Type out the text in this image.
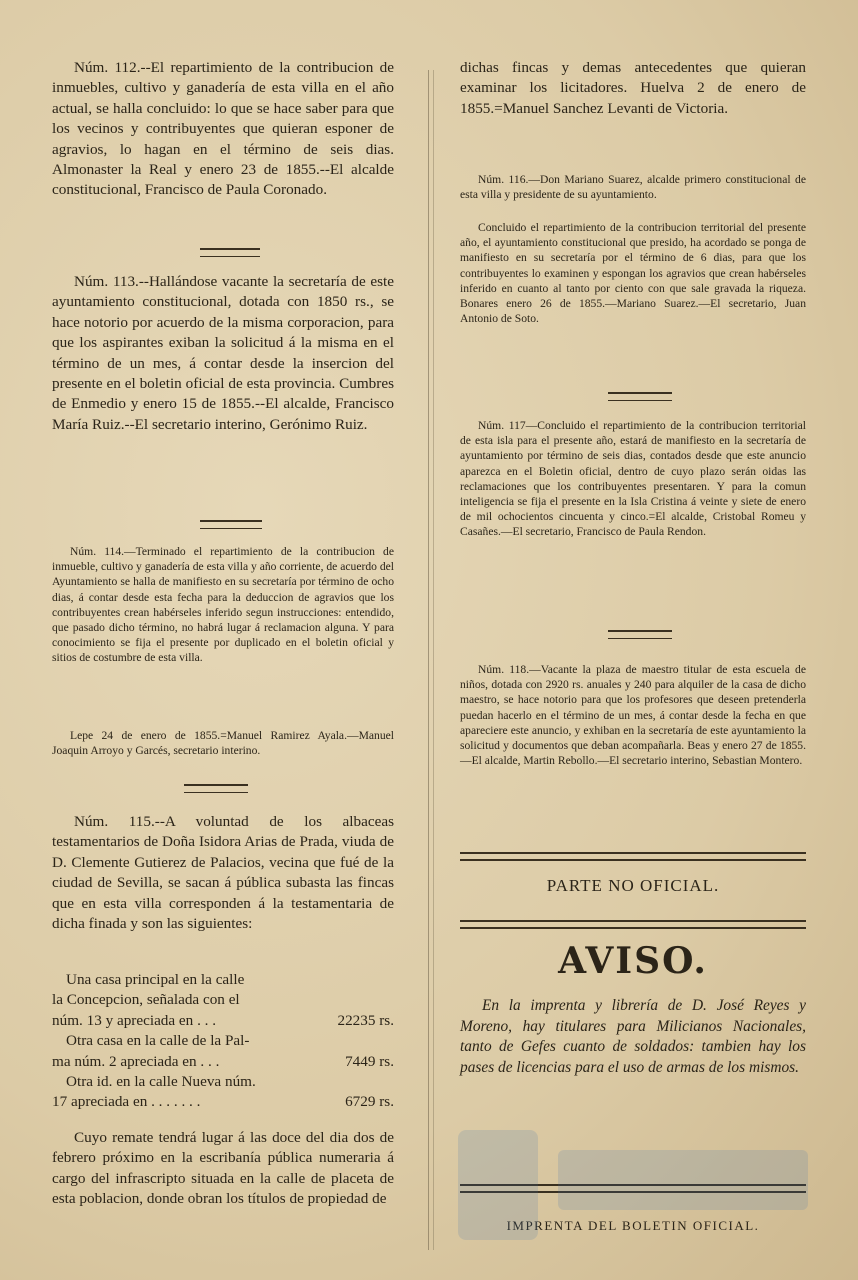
Núm. 112.--El repartimiento de la contribucion de inmuebles, cultivo y ganadería de esta villa en el año actual, se halla concluido: lo que se hace saber para que los vecinos y contribuyentes que quieran esponer de agravios, lo hagan en el término de seis dias. Almonaster la Real y enero 23 de 1855.--El alcalde constitucional, Francisco de Paula Coronado.

Núm. 113.--Hallándose vacante la secretaría de este ayuntamiento constitucional, dotada con 1850 rs., se hace notorio por acuerdo de la misma corporacion, para que los aspirantes exiban la solicitud á la misma en el término de un mes, á contar desde la insercion del presente en el boletin oficial de esta provincia. Cumbres de Enmedio y enero 15 de 1855.--El alcalde, Francisco María Ruiz.--El secretario interino, Gerónimo Ruiz.

Núm. 114.—Terminado el repartimiento de la contribucion de inmueble, cultivo y ganadería de esta villa y año corriente, de acuerdo del Ayuntamiento se halla de manifiesto en su secretaría por término de ocho dias, á contar desde esta fecha para la deduccion de agravios que los contribuyentes crean habérseles inferido segun instrucciones: entendido, que pasado dicho término, no habrá lugar á reclamacion alguna. Y para conocimiento se fija el presente por duplicado en el boletin oficial y sitios de costumbre de esta villa.

Lepe 24 de enero de 1855.=Manuel Ramirez Ayala.—Manuel Joaquin Arroyo y Garcés, secretario interino.

Núm. 115.--A voluntad de los albaceas testamentarios de Doña Isidora Arias de Prada, viuda de D. Clemente Gutierez de Palacios, vecina que fué de la ciudad de Sevilla, se sacan á pública subasta las fincas que en esta villa corresponden á la testamentaria de dicha finada y son las siguientes:

Una casa principal en la calle
la Concepcion, señalada con el
núm. 13 y apreciada en . . .	22235 rs.
Otra casa en la calle de la Pal-
ma núm. 2 apreciada en . . .	7449 rs.
Otra id. en la calle Nueva núm.
17 apreciada en . . . . . . .	6729 rs.

Cuyo remate tendrá lugar á las doce del dia dos de febrero próximo en la escribanía pública numeraria á cargo del infrascripto situada en la calle de placeta de esta poblacion, donde obran los títulos de propiedad de

dichas fincas y demas antecedentes que quieran examinar los licitadores. Huelva 2 de enero de 1855.=Manuel Sanchez Levanti de Victoria.

Núm. 116.—Don Mariano Suarez, alcalde primero constitucional de esta villa y presidente de su ayuntamiento.

Concluido el repartimiento de la contribucion territorial del presente año, el ayuntamiento constitucional que presido, ha acordado se ponga de manifiesto en su secretaría por el término de 6 dias, para que los contribuyentes lo examinen y espongan los agravios que crean habérseles inferido en cuanto al tanto por ciento con que sale gravada la riqueza. Bonares enero 26 de 1855.—Mariano Suarez.—El secretario, Juan Antonio de Soto.

Núm. 117—Concluido el repartimiento de la contribucion territorial de esta isla para el presente año, estará de manifiesto en la secretaría de ayuntamiento por término de seis dias, contados desde que este anuncio aparezca en el Boletin oficial, dentro de cuyo plazo serán oidas las reclamaciones que los contribuyentes presentaren. Y para la comun inteligencia se fija el presente en la Isla Cristina á veinte y siete de enero de mil ochocientos cincuenta y cinco.=El alcalde, Cristobal Romeu y Casañes.—El secretario, Francisco de Paula Rendon.

Núm. 118.—Vacante la plaza de maestro titular de esta escuela de niños, dotada con 2920 rs. anuales y 240 para alquiler de la casa de dicho maestro, se hace notorio para que los profesores que deseen pretenderla puedan hacerlo en el término de un mes, á contar desde la fecha en que apareciere este anuncio, y exhiban en la secretaría de este ayuntamiento la solicitud y documentos que deban acompañarla. Beas y enero 27 de 1855.—El alcalde, Martin Rebollo.—El secretario interino, Sebastian Montero.

PARTE NO OFICIAL.
AVISO.

En la imprenta y librería de D. José Reyes y Moreno, hay titulares para Milicianos Nacionales, tanto de Gefes cuanto de soldados: tambien hay los pases de licencias para el uso de armas de los mismos.

IMPRENTA DEL BOLETIN OFICIAL.
